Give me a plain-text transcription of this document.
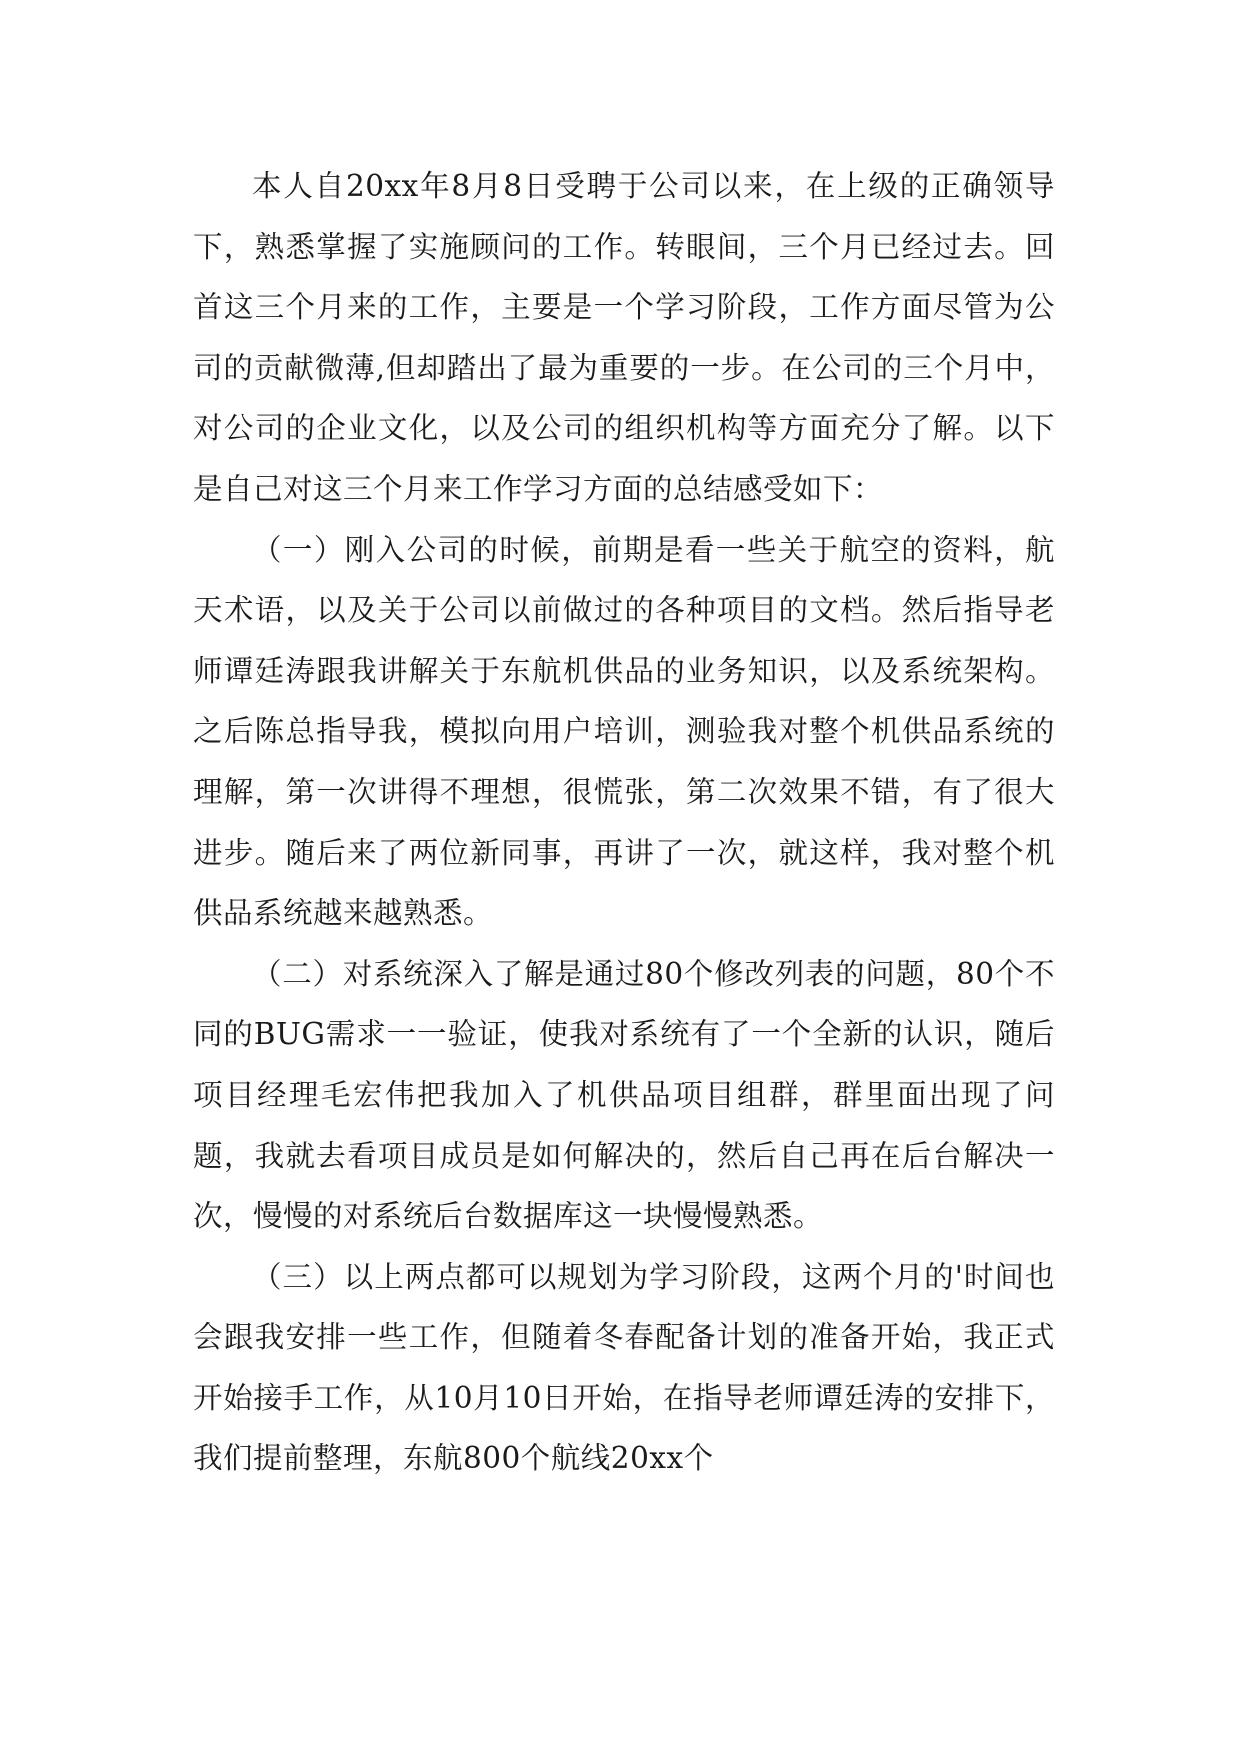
本人自20xx年8月8日受聘于公司以来，在上级的正确领导下，熟悉掌握了实施顾问的工作。转眼间，三个月已经过去。回首这三个月来的工作，主要是一个学习阶段，工作方面尽管为公司的贡献微薄,但却踏出了最为重要的一步。在公司的三个月中，对公司的企业文化，以及公司的组织机构等方面充分了解。以下是自己对这三个月来工作学习方面的总结感受如下：

（一）刚入公司的时候，前期是看一些关于航空的资料，航天术语，以及关于公司以前做过的各种项目的文档。然后指导老师谭廷涛跟我讲解关于东航机供品的业务知识，以及系统架构。之后陈总指导我，模拟向用户培训，测验我对整个机供品系统的理解，第一次讲得不理想，很慌张，第二次效果不错，有了很大进步。随后来了两位新同事，再讲了一次，就这样，我对整个机供品系统越来越熟悉。

（二）对系统深入了解是通过80个修改列表的问题，80个不同的BUG需求一一验证，使我对系统有了一个全新的认识，随后项目经理毛宏伟把我加入了机供品项目组群，群里面出现了问题，我就去看项目成员是如何解决的，然后自己再在后台解决一次，慢慢的对系统后台数据库这一块慢慢熟悉。

（三）以上两点都可以规划为学习阶段，这两个月的'时间也会跟我安排一些工作，但随着冬春配备计划的准备开始，我正式开始接手工作，从10月10日开始，在指导老师谭廷涛的安排下，我们提前整理，东航800个航线20xx个
